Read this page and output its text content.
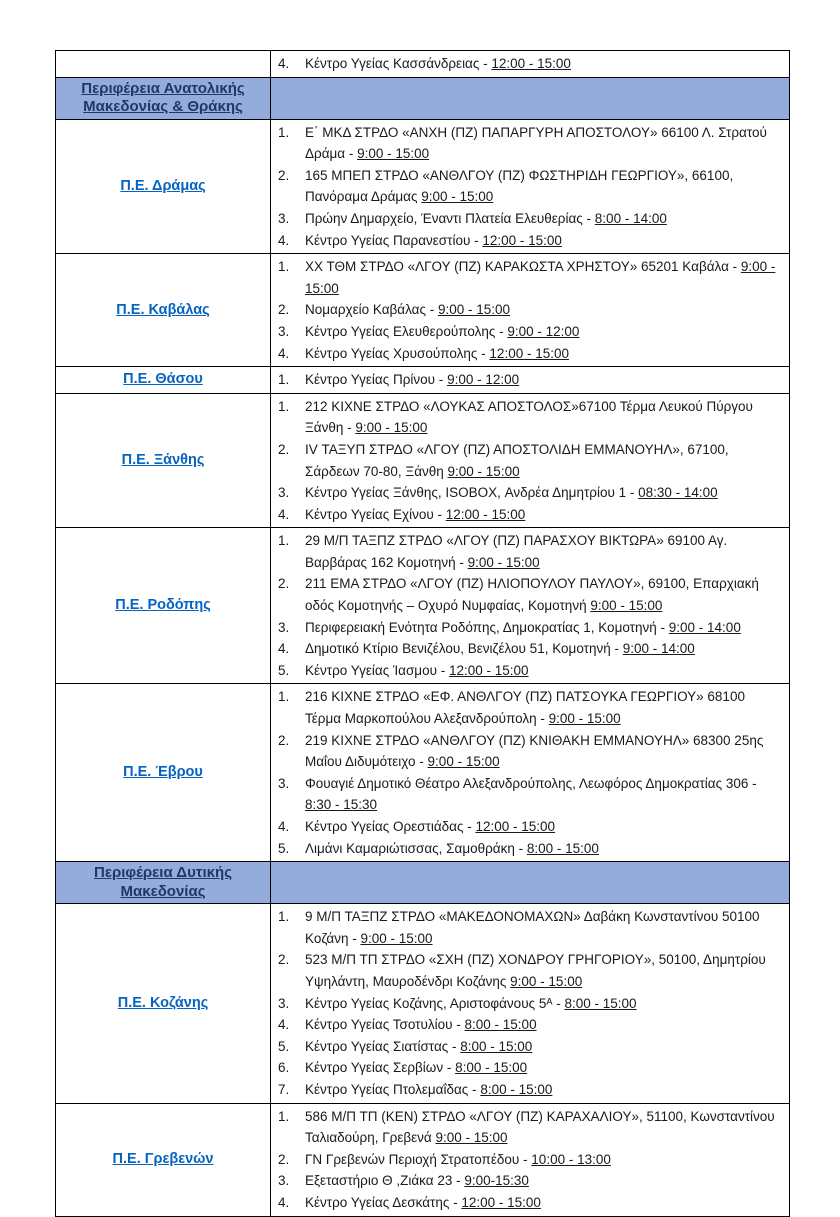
	4. Κέντρο Υγείας Κασσάνδρειας - 12:00 - 15:00

Περιφέρεια Ανατολικής Μακεδονίας & Θράκης	
Π.Ε. Δράμας	
1.	Ε΄ ΜΚΔ ΣΤΡΔΟ «ΑΝΧΗ (ΠΖ) ΠΑΠΑΡΓΥΡΗ ΑΠΟΣΤΟΛΟΥ» 66100 Λ. Στρατού Δράμα - 9:00 - 15:00
2.	165 ΜΠΕΠ ΣΤΡΔΟ «ΑΝΘΛΓΟΥ (ΠΖ) ΦΩΣΤΗΡΙΔΗ ΓΕΩΡΓΙΟΥ», 66100, Πανόραμα Δράμας 9:00 - 15:00
3.	Πρώην Δημαρχείο, Έναντι Πλατεία Ελευθερίας - 8:00 - 14:00
4.	Κέντρο Υγείας Παρανεστίου - 12:00 - 15:00

Π.Ε. Καβάλας	
1.	ΧΧ ΤΘΜ ΣΤΡΔΟ «ΛΓΟΥ (ΠΖ) ΚΑΡΑΚΩΣΤΑ ΧΡΗΣΤΟΥ» 65201 Καβάλα - 9:00 - 15:00
2.	Νομαρχείο Καβάλας - 9:00 - 15:00
3.	Κέντρο Υγείας Ελευθερούπολης - 9:00 - 12:00
4.	Κέντρο Υγείας Χρυσούπολης - 12:00 - 15:00

Π.Ε. Θάσου	1. Κέντρο Υγείας Πρίνου - 9:00 - 12:00

Π.Ε. Ξάνθης	
1.	212 ΚΙΧΝΕ ΣΤΡΔΟ «ΛΟΥΚΑΣ ΑΠΟΣΤΟΛΟΣ»67100 Τέρμα Λευκού Πύργου Ξάνθη - 9:00 - 15:00
2.	IV ΤΑΞΥΠ ΣΤΡΔΟ «ΛΓΟΥ (ΠΖ) ΑΠΟΣΤΟΛΙΔΗ ΕΜΜΑΝΟΥΗΛ», 67100, Σάρδεων 70-80, Ξάνθη 9:00 - 15:00
3.	Κέντρο Υγείας Ξάνθης, ISOBOX, Ανδρέα Δημητρίου 1 - 08:30 - 14:00
4.	Κέντρο Υγείας Εχίνου - 12:00 - 15:00

Π.Ε. Ροδόπης	
1.	29 Μ/Π ΤΑΞΠΖ ΣΤΡΔΟ «ΛΓΟΥ (ΠΖ) ΠΑΡΑΣΧΟΥ ΒΙΚΤΩΡΑ» 69100 Αγ. Βαρβάρας 162 Κομοτηνή - 9:00 - 15:00
2.	211 ΕΜΑ ΣΤΡΔΟ «ΛΓΟΥ (ΠΖ) ΗΛΙΟΠΟΥΛΟΥ ΠΑΥΛΟΥ», 69100, Επαρχιακή οδός Κομοτηνής – Οχυρό Νυμφαίας, Κομοτηνή 9:00 - 15:00
3.	Περιφερειακή Ενότητα Ροδόπης, Δημοκρατίας 1, Κομοτηνή - 9:00 - 14:00
4.	Δημοτικό Κτίριο Βενιζέλου, Βενιζέλου 51, Κομοτηνή - 9:00 - 14:00
5.	Κέντρο Υγείας Ίασμου - 12:00 - 15:00

Π.Ε. Έβρου	
1.	216 ΚΙΧΝΕ ΣΤΡΔΟ «ΕΦ. ΑΝΘΛΓΟΥ (ΠΖ) ΠΑΤΣΟΥΚΑ ΓΕΩΡΓΙΟΥ» 68100 Τέρμα Μαρκοπούλου Αλεξανδρούπολη - 9:00 - 15:00
2.	219 ΚΙΧΝΕ ΣΤΡΔΟ «ΑΝΘΛΓΟΥ (ΠΖ) ΚΝΙΘΑΚΗ ΕΜΜΑΝΟΥΗΛ» 68300 25ης Μαΐου Διδυμότειχο - 9:00 - 15:00
3.	Φουαγιέ Δημοτικό Θέατρο Αλεξανδρούπολης, Λεωφόρος Δημοκρατίας 306 - 8:30 - 15:30
4.	Κέντρο Υγείας Ορεστιάδας - 12:00 - 15:00
5.	Λιμάνι Καμαριώτισσας, Σαμοθράκη - 8:00 - 15:00

Περιφέρεια Δυτικής Μακεδονίας	
Π.Ε. Κοζάνης	
1.	9 Μ/Π ΤΑΞΠΖ ΣΤΡΔΟ «ΜΑΚΕΔΟΝΟΜΑΧΩΝ» Δαβάκη Κωνσταντίνου 50100 Κοζάνη - 9:00 - 15:00
2.	523 Μ/Π ΤΠ ΣΤΡΔΟ «ΣΧΗ (ΠΖ) ΧΟΝΔΡΟΥ ΓΡΗΓΟΡΙΟΥ», 50100, Δημητρίου Υψηλάντη, Μαυροδένδρι Κοζάνης 9:00 - 15:00
3.	Κέντρο Υγείας Κοζάνης, Αριστοφάνους 5ᴬ - 8:00 - 15:00
4.	Κέντρο Υγείας Τσοτυλίου - 8:00 - 15:00
5.	Κέντρο Υγείας Σιατίστας - 8:00 - 15:00
6.	Κέντρο Υγείας Σερβίων - 8:00 - 15:00
7.	Κέντρο Υγείας Πτολεμαΐδας - 8:00 - 15:00

Π.Ε. Γρεβενών	
1.	586 Μ/Π ΤΠ (ΚΕΝ) ΣΤΡΔΟ «ΛΓΟΥ (ΠΖ) ΚΑΡΑΧΑΛΙΟΥ», 51100, Κωνσταντίνου Ταλιαδούρη, Γρεβενά 9:00 - 15:00
2.	ΓΝ Γρεβενών Περιοχή Στρατοπέδου - 10:00 - 13:00
3.	Εξεταστήριο Θ ,Ζιάκα 23 - 9:00-15:30
4.	Κέντρο Υγείας Δεσκάτης - 12:00 - 15:00
